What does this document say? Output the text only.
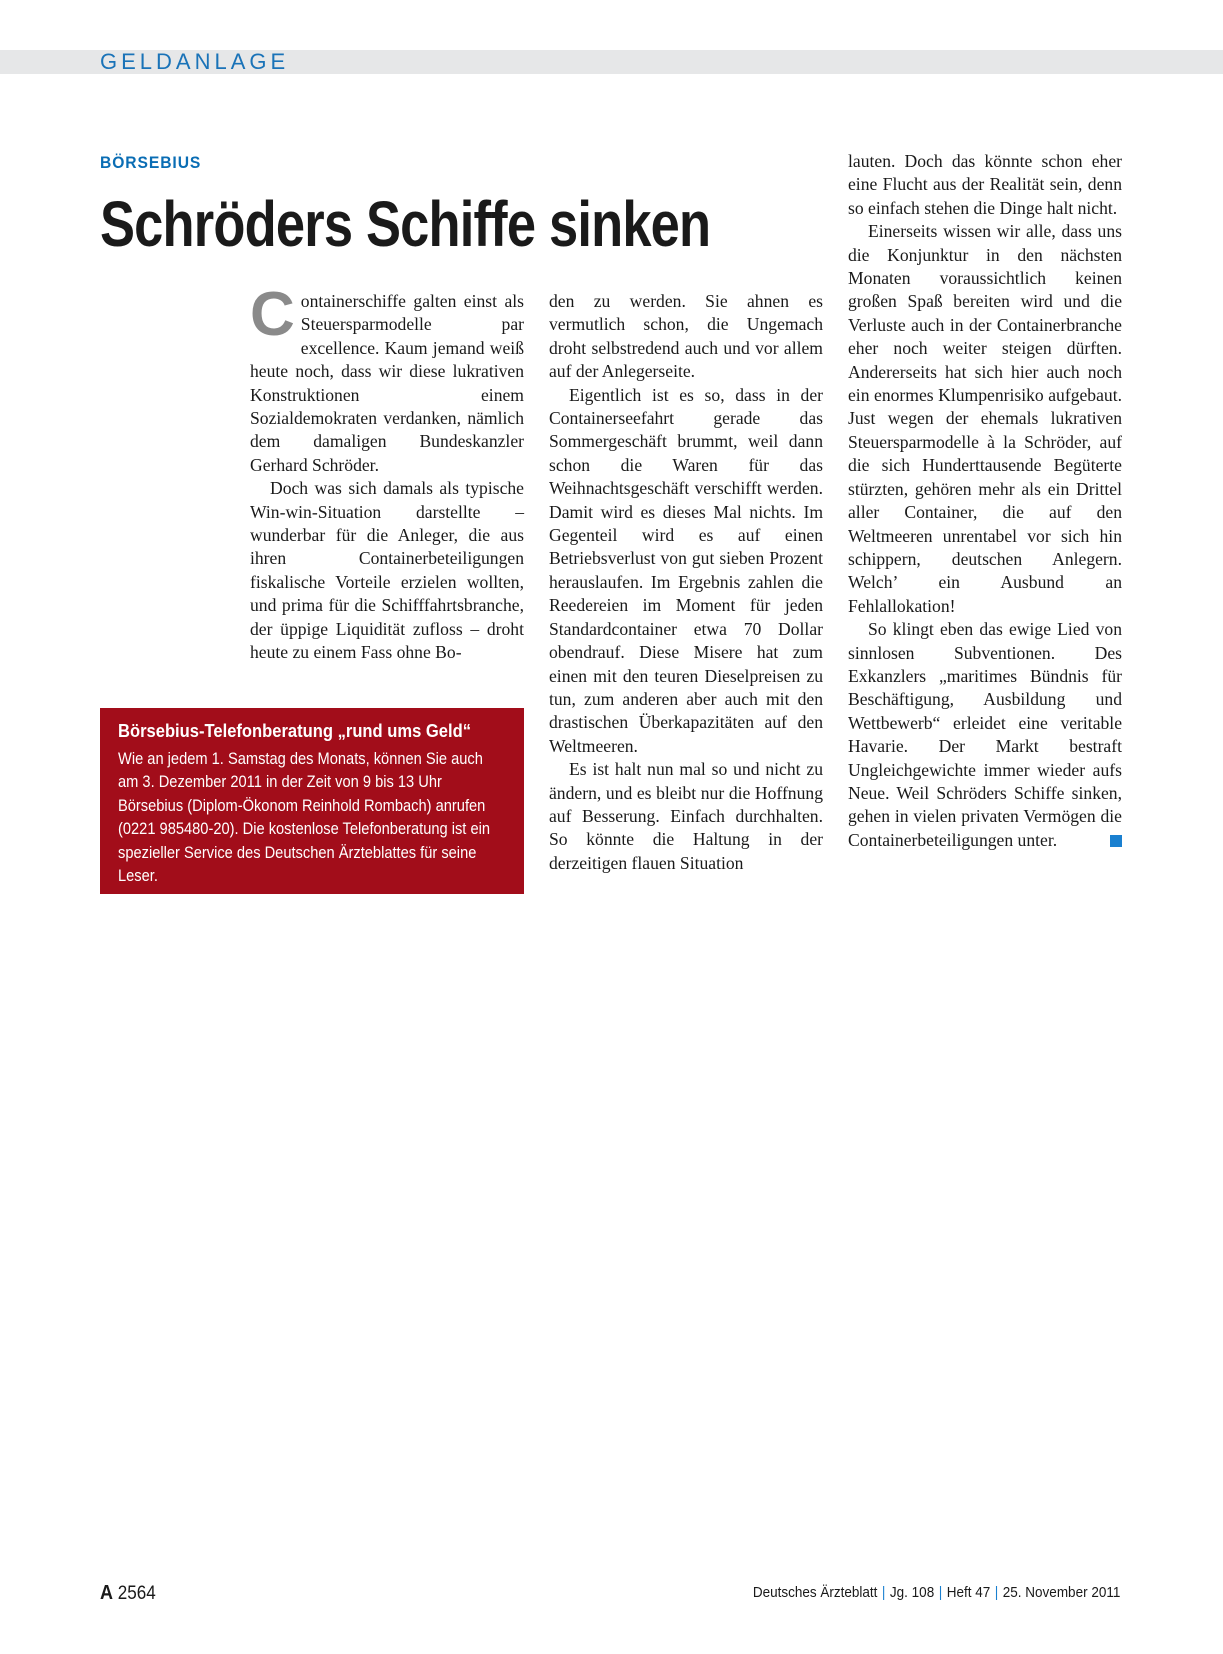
GELDANLAGE
BÖRSEBIUS
Schröders Schiffe sinken

Containerschiffe galten einst als Steuersparmodelle par excellence. Kaum jemand weiß heute noch, dass wir diese lukrativen Konstruktionen einem Sozialdemokraten verdanken, nämlich dem damaligen Bundeskanzler Gerhard Schröder.

Doch was sich damals als typische Win-win-Situation darstellte – wunderbar für die Anleger, die aus ihren Containerbeteiligungen fiskalische Vorteile erzielen wollten, und prima für die Schifffahrtsbranche, der üppige Liquidität zufloss – droht heute zu einem Fass ohne Bo-

den zu werden. Sie ahnen es vermutlich schon, die Ungemach droht selbstredend auch und vor allem auf der Anlegerseite.

Eigentlich ist es so, dass in der Containerseefahrt gerade das Sommergeschäft brummt, weil dann schon die Waren für das Weihnachtsgeschäft verschifft werden. Damit wird es dieses Mal nichts. Im Gegenteil wird es auf einen Betriebsverlust von gut sieben Prozent herauslaufen. Im Ergebnis zahlen die Reedereien im Moment für jeden Standardcontainer etwa 70 Dollar obendrauf. Diese Misere hat zum einen mit den teuren Dieselpreisen zu tun, zum anderen aber auch mit den drastischen Überkapazitäten auf den Weltmeeren.

Es ist halt nun mal so und nicht zu ändern, und es bleibt nur die Hoffnung auf Besserung. Einfach durchhalten. So könnte die Haltung in der derzeitigen flauen Situation

lauten. Doch das könnte schon eher eine Flucht aus der Realität sein, denn so einfach stehen die Dinge halt nicht.

Einerseits wissen wir alle, dass uns die Konjunktur in den nächsten Monaten voraussichtlich keinen großen Spaß bereiten wird und die Verluste auch in der Containerbranche eher noch weiter steigen dürften. Andererseits hat sich hier auch noch ein enormes Klumpenrisiko aufgebaut. Just wegen der ehemals lukrativen Steuersparmodelle à la Schröder, auf die sich Hunderttausende Begüterte stürzten, gehören mehr als ein Drittel aller Container, die auf den Weltmeeren unrentabel vor sich hin schippern, deutschen Anlegern. Welch’ ein Ausbund an Fehlallokation!

So klingt eben das ewige Lied von sinnlosen Subventionen. Des Exkanzlers „maritimes Bündnis für Beschäftigung, Ausbildung und Wettbewerb“ erleidet eine veritable Havarie. Der Markt bestraft Ungleichgewichte immer wieder aufs Neue. Weil Schröders Schiffe sinken, gehen in vielen privaten Vermögen die Containerbeteiligungen unter.

Börsebius-Telefonberatung „rund ums Geld“

Wie an jedem 1. Samstag des Monats, können Sie auch am 3. Dezember 2011 in der Zeit von 9 bis 13 Uhr Börsebius (Diplom-Ökonom Reinhold Rombach) anrufen (0221 985480-20). Die kostenlose Telefonberatung ist ein spezieller Service des Deutschen Ärzteblattes für seine Leser.

A 2564	Deutsches Ärzteblatt | Jg. 108 | Heft 47 | 25. November 2011
